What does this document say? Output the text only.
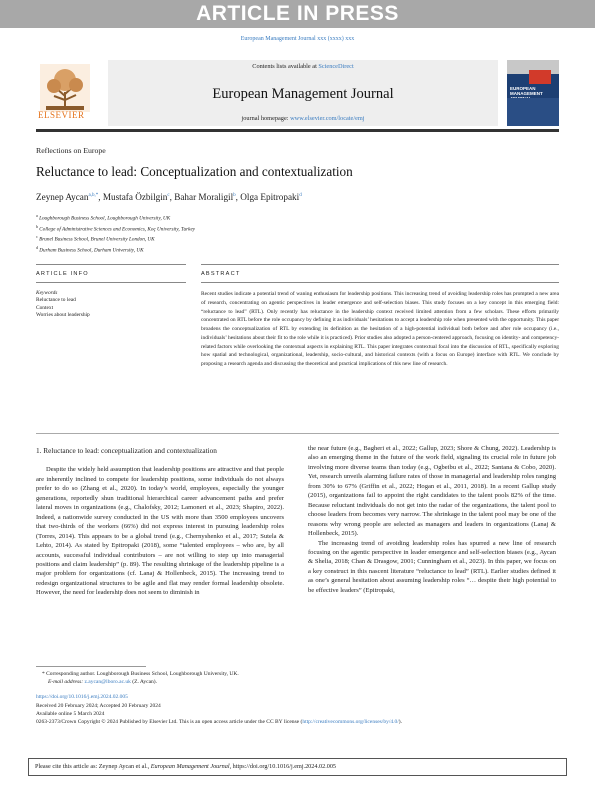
ARTICLE IN PRESS
European Management Journal xxx (xxxx) xxx
ELSEVIER
Contents lists available at ScienceDirect
European Management Journal
journal homepage: www.elsevier.com/locate/emj
EUROPEAN MANAGEMENT
Reflections on Europe
Reluctance to lead: Conceptualization and contextualization
Zeynep Aycan$^{a,b,*}$, Mustafa Özbilgin$^c$, Bahar Moraligil$^b$, Olga Epitropaki$^d$
$^a$ Loughborough Business School, Loughborough University, UK
$^b$ College of Administrative Sciences and Economics, Koç University, Turkey
$^c$ Brunel Business School, Brunel University London, UK
$^d$ Durham Business School, Durham University, UK
ARTICLE INFO	ABSTRACT
Keywords
Reluctance to lead
Context
Worries about leadership
Recent studies indicate a potential trend of waning enthusiasm for leadership positions. This increasing trend of avoiding leadership roles has prompted a new area of research, concentrating on agentic perspectives in leader emergence and self-selection biases. This study focuses on a key concept in this emerging field: “reluctance to lead” (RTL). Only recently has reluctance in the leadership context received limited attention from a few scholars. These efforts primarily concentrated on RTL before the role occupancy by defining it as individuals’ hesitations to accept a leadership role when presented with the opportunity. This paper broadens the conceptualization of RTL by extending its definition as the hesitation of a high-potential individual both before and after role occupancy (i.e., individuals’ hesitations about their fit to the role while it is practiced). Prior studies also adopted a person-centered approach, focusing on identity- and competency-related factors while overlooking the contextual aspects in explaining RTL. This paper integrates contextual focal into the discussion of RTL, specifically exploring how spatial and technological, organizational, leadership, socio-cultural, and historical contexts (with a focus on Europe) interface with RTL. We conclude by proposing a research agenda and discussing the theoretical and practical implications of this new line of research.
1. Reluctance to lead: conceptualization and contextualization

Despite the widely held assumption that leadership positions are attractive and that people are inherently inclined to compete for leadership positions, some individuals do not always prefer to do so (Zhang et al., 2020). In today’s world, employees, especially the younger generations, reportedly shun traditional hierarchical career advancement paths and prefer lateral moves in organizations (e.g., Chalofsky, 2012; Lamoneri et al., 2023; Shapiro, 2022). Indeed, a nationwide survey conducted in the US with more than 3500 employees uncovers that two-thirds of the workers (66%) did not express interest in pursuing leadership roles (Torres, 2014). This appears to be a global trend (e.g., Chernyshenko et al., 2017; Sutela & Lehto, 2014). As stated by Epitropaki (2018), some “talented employees – who are, by all accounts, successful individual contributors – are not willing to step up into managerial positions and claim leadership” (p. 89). The resulting shrinkage of the leadership pipeline is a major problem for organizations (cf. Lanaj & Hollenbeck, 2015). The increasing trend to redesign organizational structures to be agile and flat may render formal leadership obsolete. However, the need for leadership does not seem to diminish in

the near future (e.g., Bagheri et al., 2022; Gallup, 2023; Shore & Chung, 2022). Leadership is also an emerging theme in the future of the work field, signaling its crucial role in future job involving more diverse teams than today (e.g., Ogbeibu et al., 2022; Santana & Cobo, 2020). Yet, research unveils alarming failure rates of those in managerial and leadership roles ranging from 30% to 67% (Griffin et al., 2022; Hogan et al., 2011, 2018). In a recent Gallup study (2015), organizations fail to appoint the right candidates to the talent pools 82% of the time. Because reluctant individuals do not get into the radar of the organizations, the talent pool to choose leaders from becomes very narrow. The shrinkage in the talent pool may be one of the reasons why wrong people are selected as managers and leaders in organizations (Lanaj & Hollenbeck, 2015).

The increasing trend of avoiding leadership roles has spurred a new line of research focusing on the agentic perspective in leader emergence and self-selection biases (e.g., Aycan & Shelia, 2018; Chan & Drasgow, 2001; Cunningham et al., 2023). In this paper, we focus on a key construct in this nascent literature “reluctance to lead” (RTL). Earlier studies defined it as one’s general hesitation about assuming leadership roles “… despite their high potential to be effective leaders” (Epitropaki,

* Corresponding author. Loughborough Business School, Loughborough University, UK.
E-mail address: z.aycan@lboro.ac.uk (Z. Aycan).
https://doi.org/10.1016/j.emj.2024.02.005
Received 20 February 2024; Accepted 20 February 2024
Available online 5 March 2024
0263-2373/Crown Copyright © 2024 Published by Elsevier Ltd. This is an open access article under the CC BY license (http://creativecommons.org/licenses/by/4.0/).
Please cite this article as: Zeynep Aycan et al., European Management Journal, https://doi.org/10.1016/j.emj.2024.02.005
